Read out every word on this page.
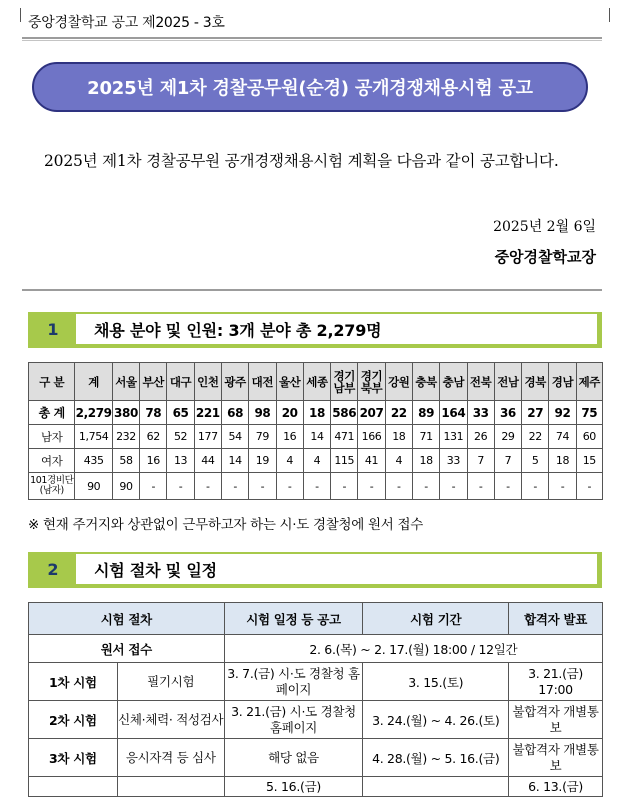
중앙경찰학교 공고 제2025 - 3호
2025년 제1차 경찰공무원(순경) 공개경쟁채용시험 공고

2025년 제1차 경찰공무원 공개경쟁채용시험 계획을 다음과 같이 공고합니다.

2025년 2월 6일
중앙경찰학교장
1	채용 분야 및 인원: 3개 분야 총 2,279명
구 분	계	서울	부산	대구	인천	광주	대전	울산	세종	경기남부	경기북부	강원	충북	충남	전북	전남	경북	경남	제주
총 계	2,279	380	78	65	221	68	98	20	18	586	207	22	89	164	33	36	27	92	75
남자	1,754	232	62	52	177	54	79	16	14	471	166	18	71	131	26	29	22	74	60
여자	435	58	16	13	44	14	19	4	4	115	41	4	18	33	7	7	5	18	15
101경비단(남자)	90	90	-	-	-	-	-	-	-	-	-	-	-	-	-	-	-	-	-
※ 현재 주거지와 상관없이 근무하고자 하는 시·도 경찰청에 원서 접수
2	시험 절차 및 일정
시험 절차		시험 일정 등 공고	시험 기간	합격자 발표
원서 접수		2. 6.(목) ~ 2. 17.(월) 18:00 / 12일간		
1차 시험	필기시험	3. 7.(금) 시·도 경찰청 홈페이지	3. 15.(토)	3. 21.(금) 17:00
2차 시험	신체·체력· 적성검사	3. 21.(금) 시·도 경찰청 홈페이지	3. 24.(월) ~ 4. 26.(토)	불합격자 개별통보
3차 시험	응시자격 등 심사	해당 없음	4. 28.(월) ~ 5. 16.(금)	불합격자 개별통보
		5. 16.(금)		6. 13.(금)
